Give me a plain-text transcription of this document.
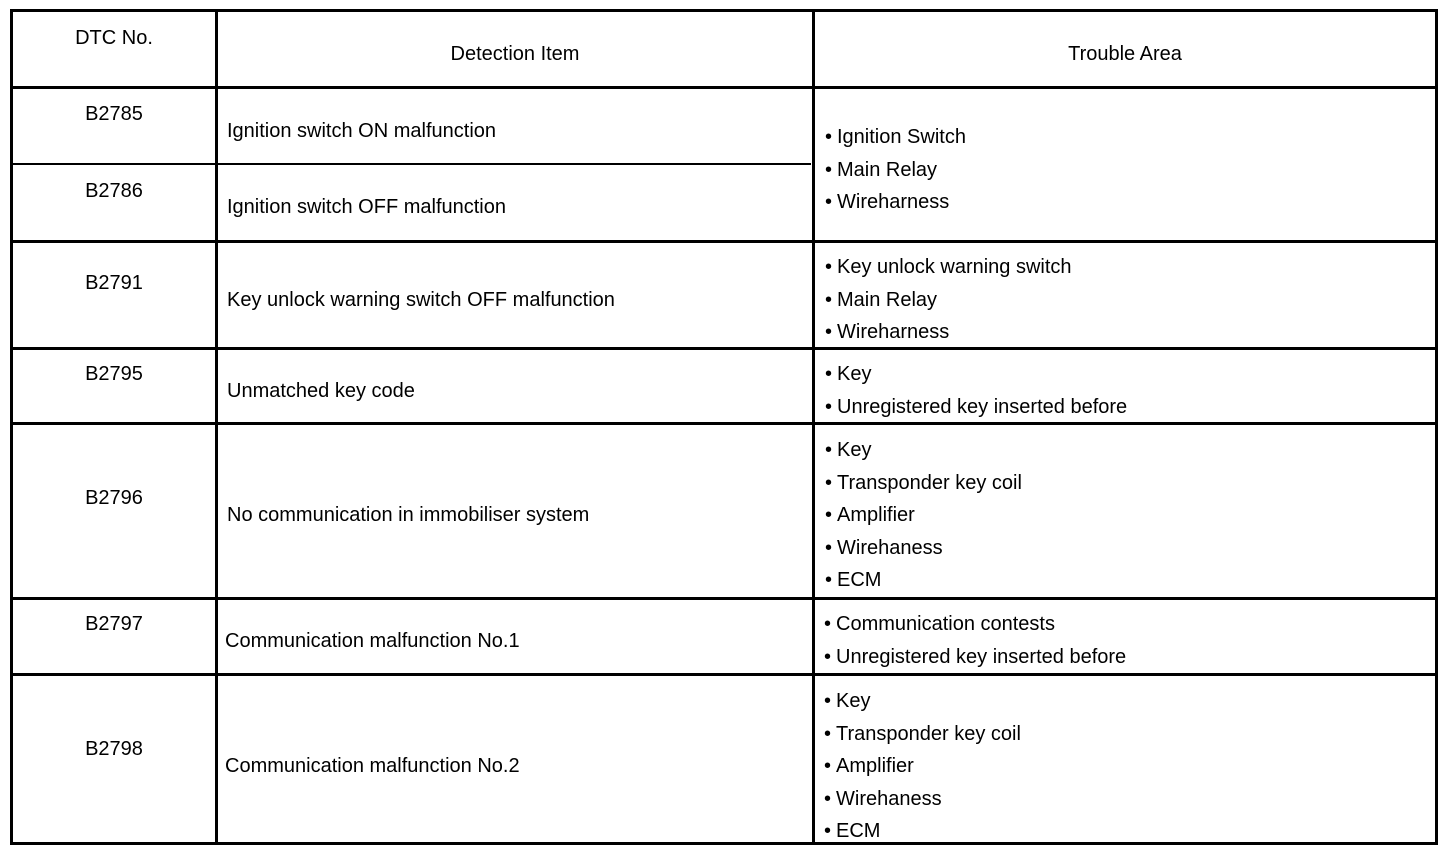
DTC No.
Detection Item	Trouble Area
B2785
Ignition switch ON malfunction
B2786
Ignition switch OFF malfunction
• Ignition Switch
• Main Relay
• Wireharness
B2791
Key unlock warning switch OFF malfunction
• Key unlock warning switch
• Main Relay
• Wireharness
B2795
Unmatched key code
• Key
• Unregistered key inserted before
B2796
No communication in immobiliser system
• Key
• Transponder key coil
• Amplifier
• Wirehaness
• ECM
B2797
Communication malfunction No.1
• Communication contests
• Unregistered key inserted before
B2798
Communication malfunction No.2
• Key
• Transponder key coil
• Amplifier
• Wirehaness
• ECM
